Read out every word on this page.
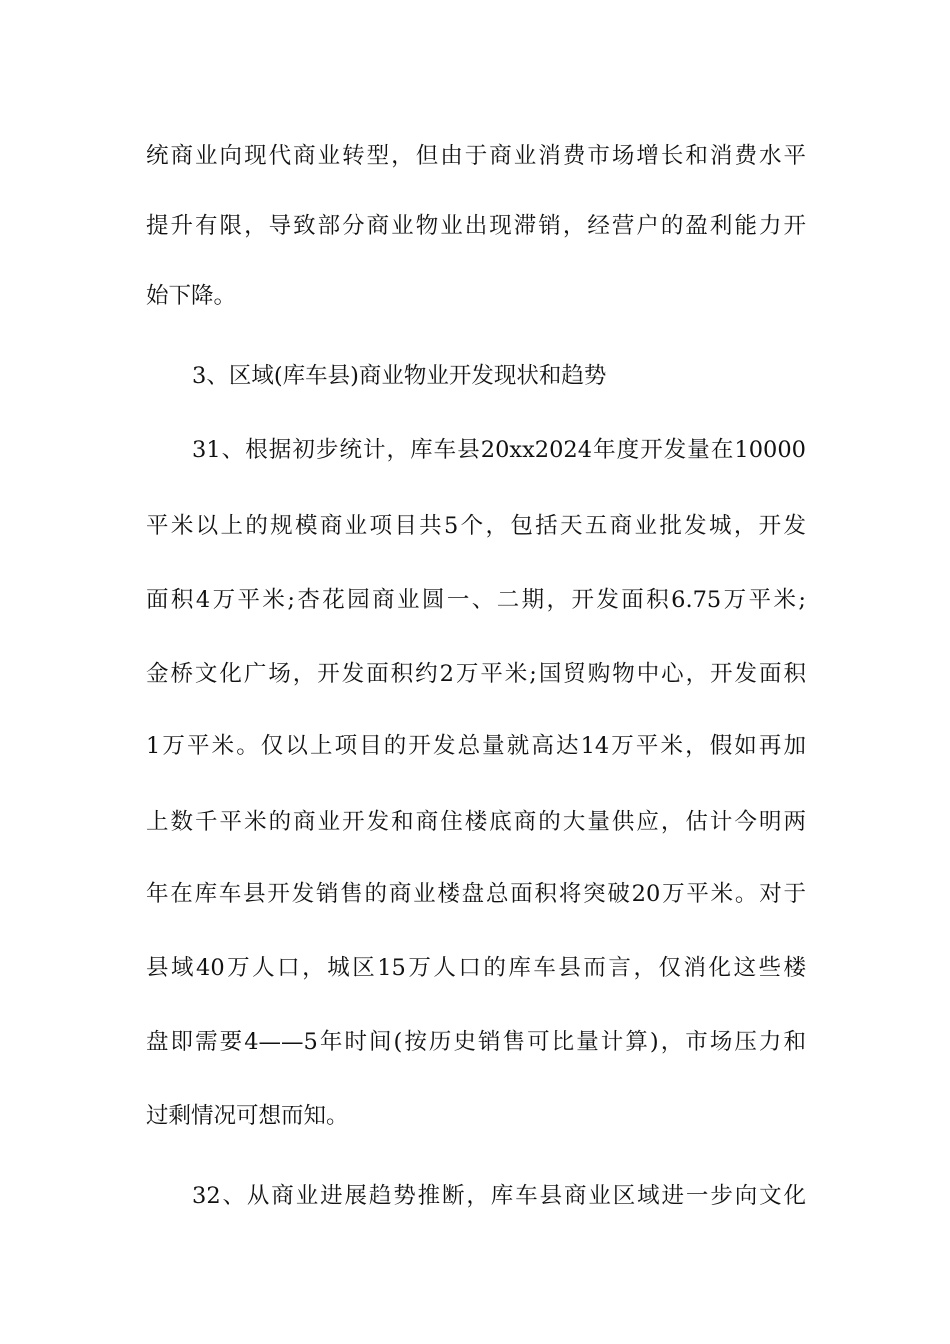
统商业向现代商业转型，但由于商业消费市场增长和消费水平
提升有限，导致部分商业物业出现滞销，经营户的盈利能力开
始下降。
3、区域(库车县)商业物业开发现状和趋势
31、根据初步统计，库车县20xx2024年度开发量在10000
平米以上的规模商业项目共5个，包括天五商业批发城，开发
面积4万平米;杏花园商业圆一、二期，开发面积6.75万平米;
金桥文化广场，开发面积约2万平米;国贸购物中心，开发面积
1万平米。仅以上项目的开发总量就高达14万平米，假如再加
上数千平米的商业开发和商住楼底商的大量供应，估计今明两
年在库车县开发销售的商业楼盘总面积将突破20万平米。对于
县域40万人口，城区15万人口的库车县而言，仅消化这些楼
盘即需要4——5年时间(按历史销售可比量计算)，市场压力和
过剩情况可想而知。
32、从商业进展趋势推断，库车县商业区域进一步向文化
